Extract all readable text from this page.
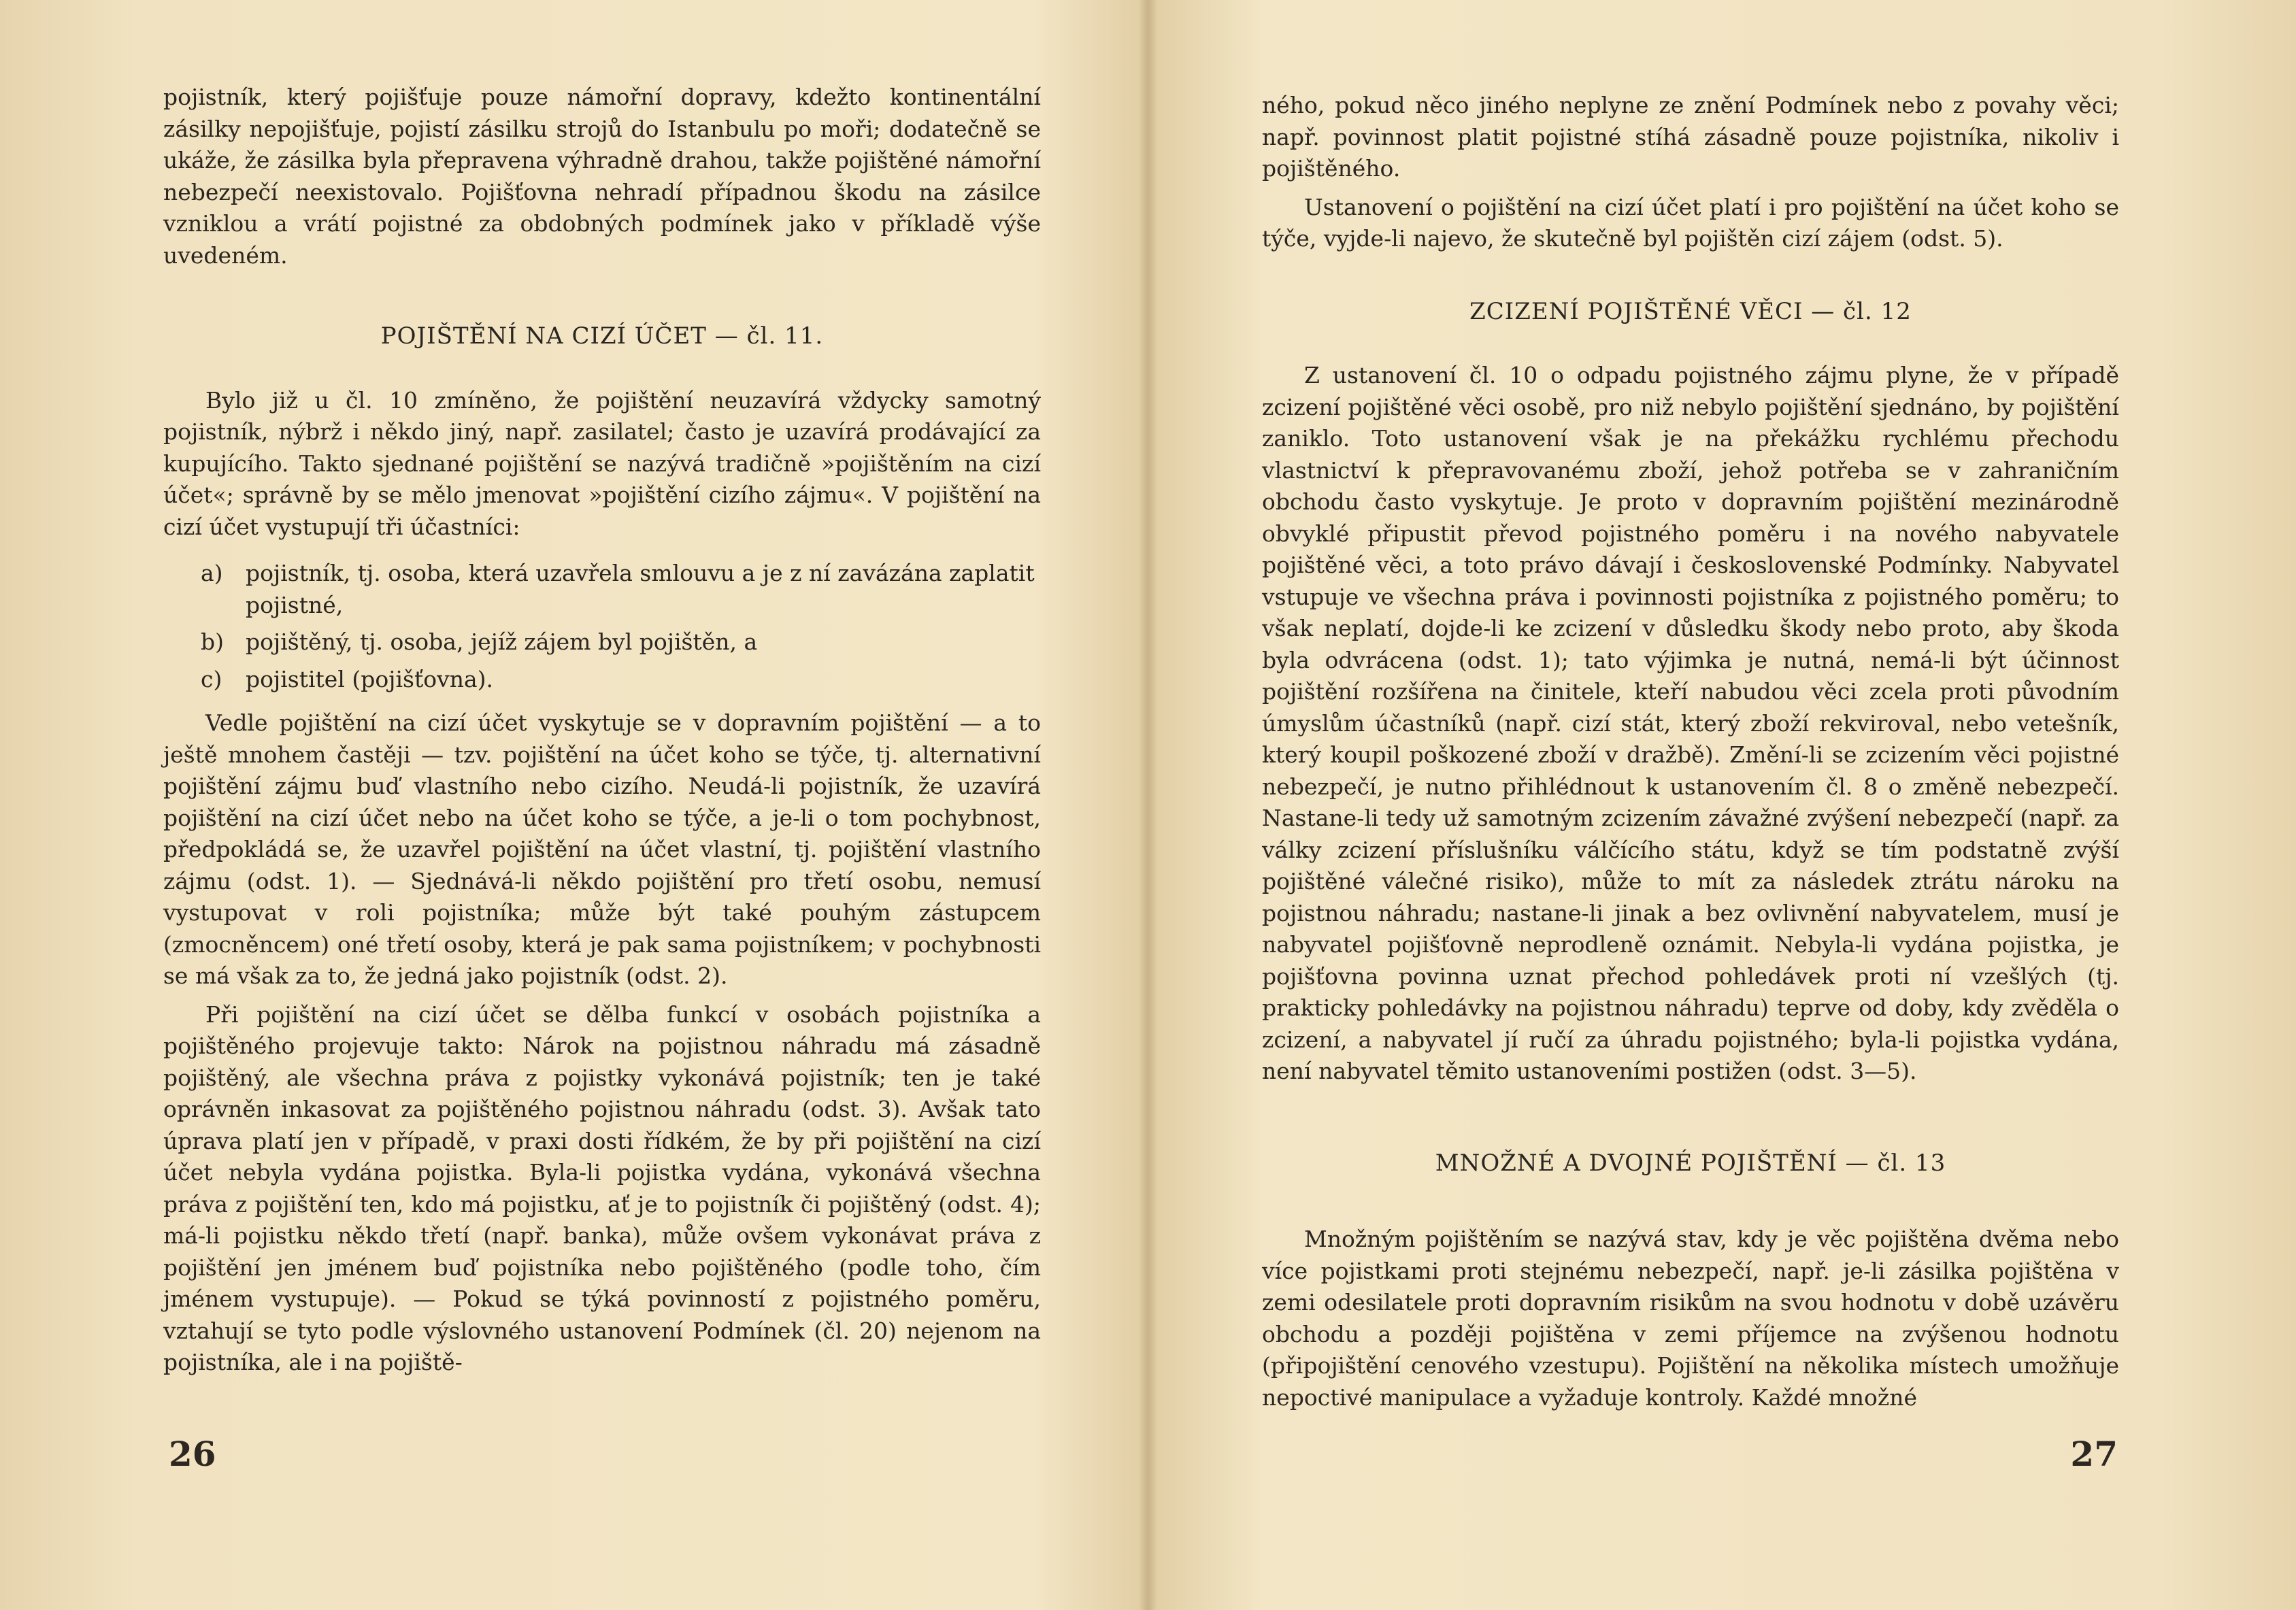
pojistník, který pojišťuje pouze námořní dopravy, kdežto kontinentální zásilky nepojišťuje, pojistí zásilku strojů do Istanbulu po moři; dodatečně se ukáže, že zásilka byla přepravena výhradně drahou, takže pojištěné námořní nebezpečí neexistovalo. Pojišťovna nehradí případnou škodu na zásilce vzniklou a vrátí pojistné za obdobných podmínek jako v příkladě výše uvedeném.

POJIŠTĚNÍ NA CIZÍ ÚČET — čl. 11.

Bylo již u čl. 10 zmíněno, že pojištění neuzavírá vždycky samotný pojistník, nýbrž i někdo jiný, např. zasilatel; často je uzavírá prodávající za kupujícího. Takto sjednané pojištění se nazývá tradičně »pojištěním na cizí účet«; správně by se mělo jmenovat »pojištění cizího zájmu«. V pojištění na cizí účet vystupují tři účastníci:

a)	pojistník, tj. osoba, která uzavřela smlouvu a je z ní zavázána zaplatit pojistné,
b) pojištěný, tj. osoba, jejíž zájem byl pojištěn, a
c)	pojistitel (pojišťovna).

Vedle pojištění na cizí účet vyskytuje se v dopravním pojištění — a to ještě mnohem častěji — tzv. pojištění na účet koho se týče, tj. alternativní pojištění zájmu buď vlastního nebo cizího. Neudá-li pojistník, že uzavírá pojištění na cizí účet nebo na účet koho se týče, a je-li o tom pochybnost, předpokládá se, že uzavřel pojištění na účet vlastní, tj. pojištění vlastního zájmu (odst. 1). — Sjednává-li někdo pojištění pro třetí osobu, nemusí vystupovat v roli pojistníka; může být také pouhým zástupcem (zmocněncem) oné třetí osoby, která je pak sama pojistníkem; v pochybnosti se má však za to, že jedná jako pojistník (odst. 2).

Při pojištění na cizí účet se dělba funkcí v osobách pojistníka a pojištěného projevuje takto: Nárok na pojistnou náhradu má zásadně pojištěný, ale všechna práva z pojistky vykonává pojistník; ten je také oprávněn inkasovat za pojištěného pojistnou náhradu (odst. 3). Avšak tato úprava platí jen v případě, v praxi dosti řídkém, že by při pojištění na cizí účet nebyla vydána pojistka. Byla-li pojistka vydána, vykonává všechna práva z pojištění ten, kdo má pojistku, ať je to pojistník či pojištěný (odst. 4); má-li pojistku někdo třetí (např. banka), může ovšem vykonávat práva z pojištění jen jménem buď pojistníka nebo pojištěného (podle toho, čím jménem vystupuje). — Pokud se týká povinností z pojistného poměru, vztahují se tyto podle výslovného ustanovení Podmínek (čl. 20) nejenom na pojistníka, ale i na pojiště-

26

ného, pokud něco jiného neplyne ze znění Podmínek nebo z povahy věci; např. povinnost platit pojistné stíhá zásadně pouze pojistníka, nikoliv i pojištěného.

Ustanovení o pojištění na cizí účet platí i pro pojištění na účet koho se týče, vyjde-li najevo, že skutečně byl pojištěn cizí zájem (odst. 5).

ZCIZENÍ POJIŠTĚNÉ VĚCI — čl. 12

Z ustanovení čl. 10 o odpadu pojistného zájmu plyne, že v případě zcizení pojištěné věci osobě, pro niž nebylo pojištění sjednáno, by pojištění zaniklo. Toto ustanovení však je na překážku rychlému přechodu vlastnictví k přepravovanému zboží, jehož potřeba se v zahraničním obchodu často vyskytuje. Je proto v dopravním pojištění mezinárodně obvyklé připustit převod pojistného poměru i na nového nabyvatele pojištěné věci, a toto právo dávají i československé Podmínky. Nabyvatel vstupuje ve všechna práva i povinnosti pojistníka z pojistného poměru; to však neplatí, dojde-li ke zcizení v důsledku škody nebo proto, aby škoda byla odvrácena (odst. 1); tato výjimka je nutná, nemá-li být účinnost pojištění rozšířena na činitele, kteří nabudou věci zcela proti původním úmyslům účastníků (např. cizí stát, který zboží rekviroval, nebo vetešník, který koupil poškozené zboží v dražbě). Změní-li se zcizením věci pojistné nebezpečí, je nutno přihlédnout k ustanovením čl. 8 o změně nebezpečí. Nastane-li tedy už samotným zcizením závažné zvýšení nebezpečí (např. za války zcizení příslušníku válčícího státu, když se tím podstatně zvýší pojištěné válečné risiko), může to mít za následek ztrátu nároku na pojistnou náhradu; nastane-li jinak a bez ovlivnění nabyvatelem, musí je nabyvatel pojišťovně neprodleně oznámit. Nebyla-li vydána pojistka, je pojišťovna povinna uznat přechod pohledávek proti ní vzešlých (tj. prakticky pohledávky na pojistnou náhradu) teprve od doby, kdy zvěděla o zcizení, a nabyvatel jí ručí za úhradu pojistného; byla-li pojistka vydána, není nabyvatel těmito ustanoveními postižen (odst. 3—5).

MNOŽNÉ A DVOJNÉ POJIŠTĚNÍ — čl. 13

Množným pojištěním se nazývá stav, kdy je věc pojištěna dvěma nebo více pojistkami proti stejnému nebezpečí, např. je-li zásilka pojištěna v zemi odesilatele proti dopravním risikům na svou hodnotu v době uzávěru obchodu a později pojištěna v zemi příjemce na zvýšenou hodnotu (připojištění cenového vzestupu). Pojištění na několika místech umožňuje nepoctivé manipulace a vyžaduje kontroly. Každé množné

27
